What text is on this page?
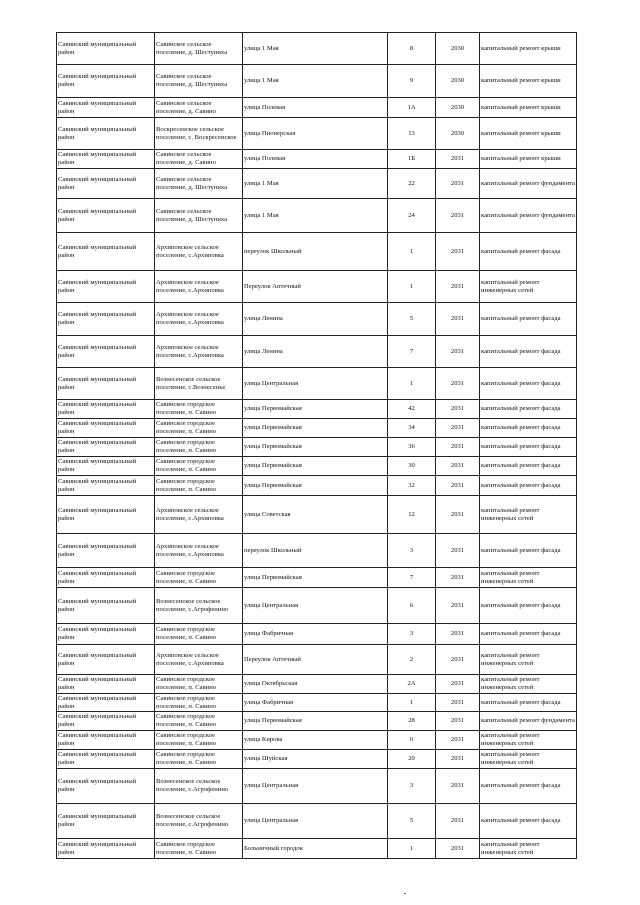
Савинский муниципальный район	Савинское сельское поселение, д. Шестуниха	улица 1 Мая	8	2030	капитальный ремонт крыши
Савинский муниципальный район	Савинское сельское поселение, д. Шестуниха	улица 1 Мая	9	2030	капитальный ремонт крыши
Савинский муниципальный район	Савинское сельское поселение, д. Савино	улица Полевая	1А	2030	капитальный ремонт крыши
Савинский муниципальный район	Воскресенское сельское поселение, с. Воскресенское	улица Пионерская	13	2030	капитальный ремонт крыши
Савинский муниципальный район	Савинское сельское поселение, д. Савино	улица Полевая	1Б	2031	капитальный ремонт крыши
Савинский муниципальный район	Савинское сельское поселение, д. Шестуниха	улица 1 Мая	22	2031	капитальный ремонт фундамента
Савинский муниципальный район	Савинское сельское поселение, д. Шестуниха	улица 1 Мая	24	2031	капитальный ремонт фундамента
Савинский муниципальный район	Архиповское сельское поселение, с.Архиповка	переулок Школьный	1	2031	капитальный ремонт фасада
Савинский муниципальный район	Архиповское сельское поселение, с.Архиповка	Переулок Аптечный	1	2031	капитальный ремонт инженерных сетей
Савинский муниципальный район	Архиповское сельское поселение, с.Архиповка	улица Ленина	5	2031	капитальный ремонт фасада
Савинский муниципальный район	Архиповское сельское поселение, с.Архиповка	улица Ленина	7	2031	капитальный ремонт фасада
Савинский муниципальный район	Вознесенское сельское поселение, с.Вознесенье	улица Центральная	1	2031	капитальный ремонт фасада
Савинский муниципальный район	Савинское городское поселение, п. Савино	улица Первомайская	42	2031	капитальный ремонт фасада
Савинский муниципальный район	Савинское городское поселение, п. Савино	улица Первомайская	34	2031	капитальный ремонт фасада
Савинский муниципальный район	Савинское городское поселение, п. Савино	улица Первомайская	36	2031	капитальный ремонт фасада
Савинский муниципальный район	Савинское городское поселение, п. Савино	улица Первомайская	30	2031	капитальный ремонт фасада
Савинский муниципальный район	Савинское городское поселение, п. Савино	улица Первомайская	32	2031	капитальный ремонт фасада
Савинский муниципальный район	Архиповское сельское поселение, с.Архиповка	улица Советская	12	2031	капитальный ремонт инженерных сетей
Савинский муниципальный район	Архиповское сельское поселение, с.Архиповка	переулок Школьный	3	2031	капитальный ремонт фасада
Савинский муниципальный район	Савинское городское поселение, п. Савино	улица Первомайская	7	2031	капитальный ремонт инженерных сетей
Савинский муниципальный район	Вознесенское сельское поселение, с.Агрофенино	улица Центральная	6	2031	капитальный ремонт фасада
Савинский муниципальный район	Савинское городское поселение, п. Савино	улица Фабричная	3	2031	капитальный ремонт фасада
Савинский муниципальный район	Архиповское сельское поселение, с.Архиповка	Переулок Аптечный	2	2031	капитальный ремонт инженерных сетей
Савинский муниципальный район	Савинское городское поселение, п. Савино	улица Октябрьская	2А	2031	капитальный ремонт инженерных сетей
Савинский муниципальный район	Савинское городское поселение, п. Савино	улица Фабричная	1	2031	капитальный ремонт фасада
Савинский муниципальный район	Савинское городское поселение, п. Савино	улица Первомайская	28	2031	капитальный ремонт фундамента
Савинский муниципальный район	Савинское городское поселение, п. Савино	улица Кирова	6	2031	капитальный ремонт инженерных сетей
Савинский муниципальный район	Савинское городское поселение, п. Савино	улица Шуйская	20	2031	капитальный ремонт инженерных сетей
Савинский муниципальный район	Вознесенское сельское поселение, с.Агрофенино	улица Центральная	3	2031	капитальный ремонт фасада
Савинский муниципальный район	Вознесенское сельское поселение, с.Агрофенино	улица Центральная	5	2031	капитальный ремонт фасада
Савинский муниципальный район	Савинское городское поселение, п. Савино	Больничный городок	1	2031	капитальный ремонт инженерных сетей
